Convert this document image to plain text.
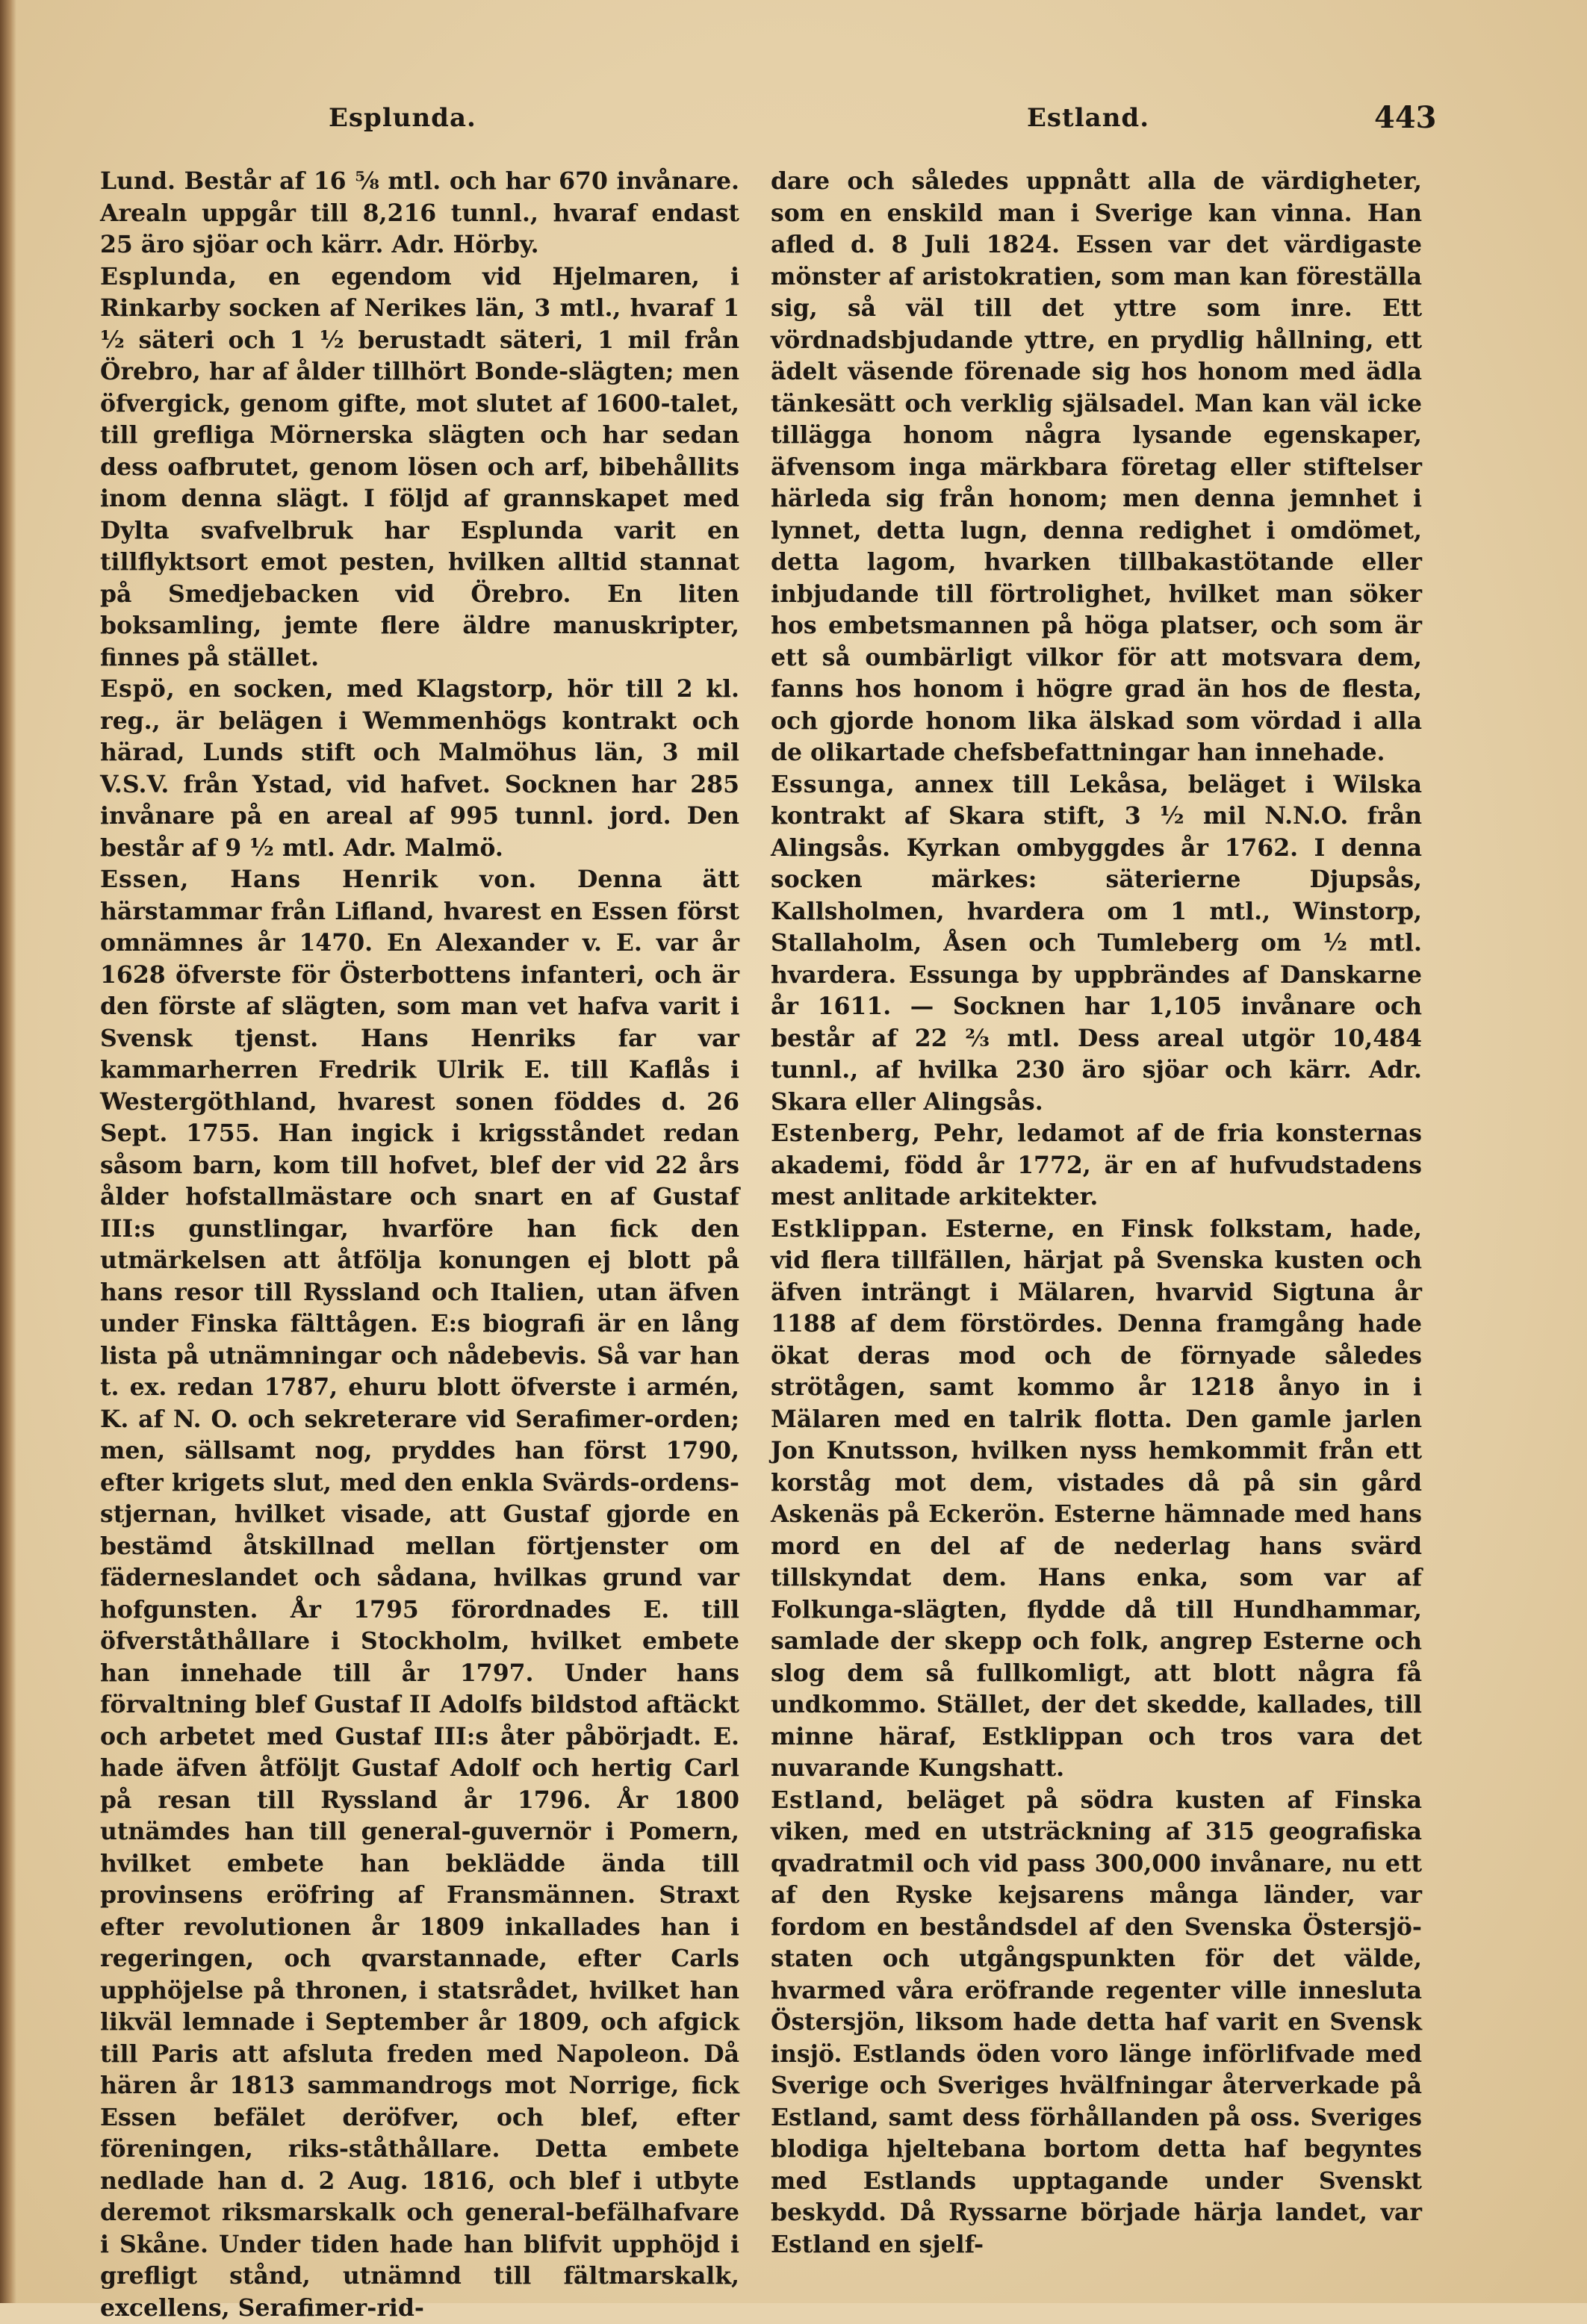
Esplunda.	Estland.	443

Lund. Består af 16 ⅝ mtl. och har 670 invånare. Arealn uppgår till 8,216 tunnl., hvaraf endast 25 äro sjöar och kärr. Adr. Hörby.

Esplunda, en egendom vid Hjelmaren, i Rinkarby socken af Nerikes län, 3 mtl., hvaraf 1 ½ säteri och 1 ½ berustadt säteri, 1 mil från Örebro, har af ålder tillhört Bonde-slägten; men öfvergick, genom gifte, mot slutet af 1600-talet, till grefliga Mörnerska slägten och har sedan dess oafbrutet, genom lösen och arf, bibehållits inom denna slägt. I följd af grannskapet med Dylta svafvelbruk har Esplunda varit en tillflyktsort emot pesten, hvilken alltid stannat på Smedjebacken vid Örebro. En liten boksamling, jemte flere äldre manuskripter, finnes på stället.

Espö, en socken, med Klagstorp, hör till 2 kl. reg., är belägen i Wemmenhögs kontrakt och härad, Lunds stift och Malmöhus län, 3 mil V.S.V. från Ystad, vid hafvet. Socknen har 285 invånare på en areal af 995 tunnl. jord. Den består af 9 ½ mtl. Adr. Malmö.

Essen, Hans Henrik von. Denna ätt härstammar från Lifland, hvarest en Essen först omnämnes år 1470. En Alexander v. E. var år 1628 öfverste för Österbottens infanteri, och är den förste af slägten, som man vet hafva varit i Svensk tjenst. Hans Henriks far var kammarherren Fredrik Ulrik E. till Kaflås i Westergöthland, hvarest sonen föddes d. 26 Sept. 1755. Han ingick i krigsståndet redan såsom barn, kom till hofvet, blef der vid 22 års ålder hofstallmästare och snart en af Gustaf III:s gunstlingar, hvarföre han fick den utmärkelsen att åtfölja konungen ej blott på hans resor till Ryssland och Italien, utan äfven under Finska fälttågen. E:s biografi är en lång lista på utnämningar och nådebevis. Så var han t. ex. redan 1787, ehuru blott öfverste i armén, K. af N. O. och sekreterare vid Serafimer-orden; men, sällsamt nog, pryddes han först 1790, efter krigets slut, med den enkla Svärds-ordens-stjernan, hvilket visade, att Gustaf gjorde en bestämd åtskillnad mellan förtjenster om fäderneslandet och sådana, hvilkas grund var hofgunsten. År 1795 förordnades E. till öfverståthållare i Stockholm, hvilket embete han innehade till år 1797. Under hans förvaltning blef Gustaf II Adolfs bildstod aftäckt och arbetet med Gustaf III:s åter påbörjadt. E. hade äfven åtföljt Gustaf Adolf och hertig Carl på resan till Ryssland år 1796. År 1800 utnämdes han till general-guvernör i Pomern, hvilket embete han beklädde ända till provinsens eröfring af Fransmännen. Straxt efter revolutionen år 1809 inkallades han i regeringen, och qvarstannade, efter Carls upphöjelse på thronen, i statsrådet, hvilket han likväl lemnade i September år 1809, och afgick till Paris att afsluta freden med Napoleon. Då hären år 1813 sammandrogs mot Norrige, fick Essen befälet deröfver, och blef, efter föreningen, riks-ståthållare. Detta embete nedlade han d. 2 Aug. 1816, och blef i utbyte deremot riksmarskalk och general-befälhafvare i Skåne. Under tiden hade han blifvit upphöjd i grefligt stånd, utnämnd till fältmarskalk, excellens, Serafimer-rid-

dare och således uppnått alla de värdigheter, som en enskild man i Sverige kan vinna. Han afled d. 8 Juli 1824. Essen var det värdigaste mönster af aristokratien, som man kan föreställa sig, så väl till det yttre som inre. Ett vördnadsbjudande yttre, en prydlig hållning, ett ädelt väsende förenade sig hos honom med ädla tänkesätt och verklig själsadel. Man kan väl icke tillägga honom några lysande egenskaper, äfvensom inga märkbara företag eller stiftelser härleda sig från honom; men denna jemnhet i lynnet, detta lugn, denna redighet i omdömet, detta lagom, hvarken tillbakastötande eller inbjudande till förtrolighet, hvilket man söker hos embetsmannen på höga platser, och som är ett så oumbärligt vilkor för att motsvara dem, fanns hos honom i högre grad än hos de flesta, och gjorde honom lika älskad som vördad i alla de olikartade chefsbefattningar han innehade.

Essunga, annex till Lekåsa, beläget i Wilska kontrakt af Skara stift, 3 ½ mil N.N.O. från Alingsås. Kyrkan ombyggdes år 1762. I denna socken märkes: säterierne Djupsås, Kallsholmen, hvardera om 1 mtl., Winstorp, Stallaholm, Åsen och Tumleberg om ½ mtl. hvardera. Essunga by uppbrändes af Danskarne år 1611. — Socknen har 1,105 invånare och består af 22 ⅔ mtl. Dess areal utgör 10,484 tunnl., af hvilka 230 äro sjöar och kärr. Adr. Skara eller Alingsås.

Estenberg, Pehr, ledamot af de fria konsternas akademi, född år 1772, är en af hufvudstadens mest anlitade arkitekter.

Estklippan. Esterne, en Finsk folkstam, hade, vid flera tillfällen, härjat på Svenska kusten och äfven inträngt i Mälaren, hvarvid Sigtuna år 1188 af dem förstördes. Denna framgång hade ökat deras mod och de förnyade således strötågen, samt kommo år 1218 ånyo in i Mälaren med en talrik flotta. Den gamle jarlen Jon Knutsson, hvilken nyss hemkommit från ett korståg mot dem, vistades då på sin gård Askenäs på Eckerön. Esterne hämnade med hans mord en del af de nederlag hans svärd tillskyndat dem. Hans enka, som var af Folkunga-slägten, flydde då till Hundhammar, samlade der skepp och folk, angrep Esterne och slog dem så fullkomligt, att blott några få undkommo. Stället, der det skedde, kallades, till minne häraf, Estklippan och tros vara det nuvarande Kungshatt.

Estland, beläget på södra kusten af Finska viken, med en utsträckning af 315 geografiska qvadratmil och vid pass 300,000 invånare, nu ett af den Ryske kejsarens många länder, var fordom en beståndsdel af den Svenska Östersjö-staten och utgångspunkten för det välde, hvarmed våra eröfrande regenter ville innesluta Östersjön, liksom hade detta haf varit en Svensk insjö. Estlands öden voro länge införlifvade med Sverige och Sveriges hvälfningar återverkade på Estland, samt dess förhållanden på oss. Sveriges blodiga hjeltebana bortom detta haf begyntes med Estlands upptagande under Svenskt beskydd. Då Ryssarne började härja landet, var Estland en sjelf-
